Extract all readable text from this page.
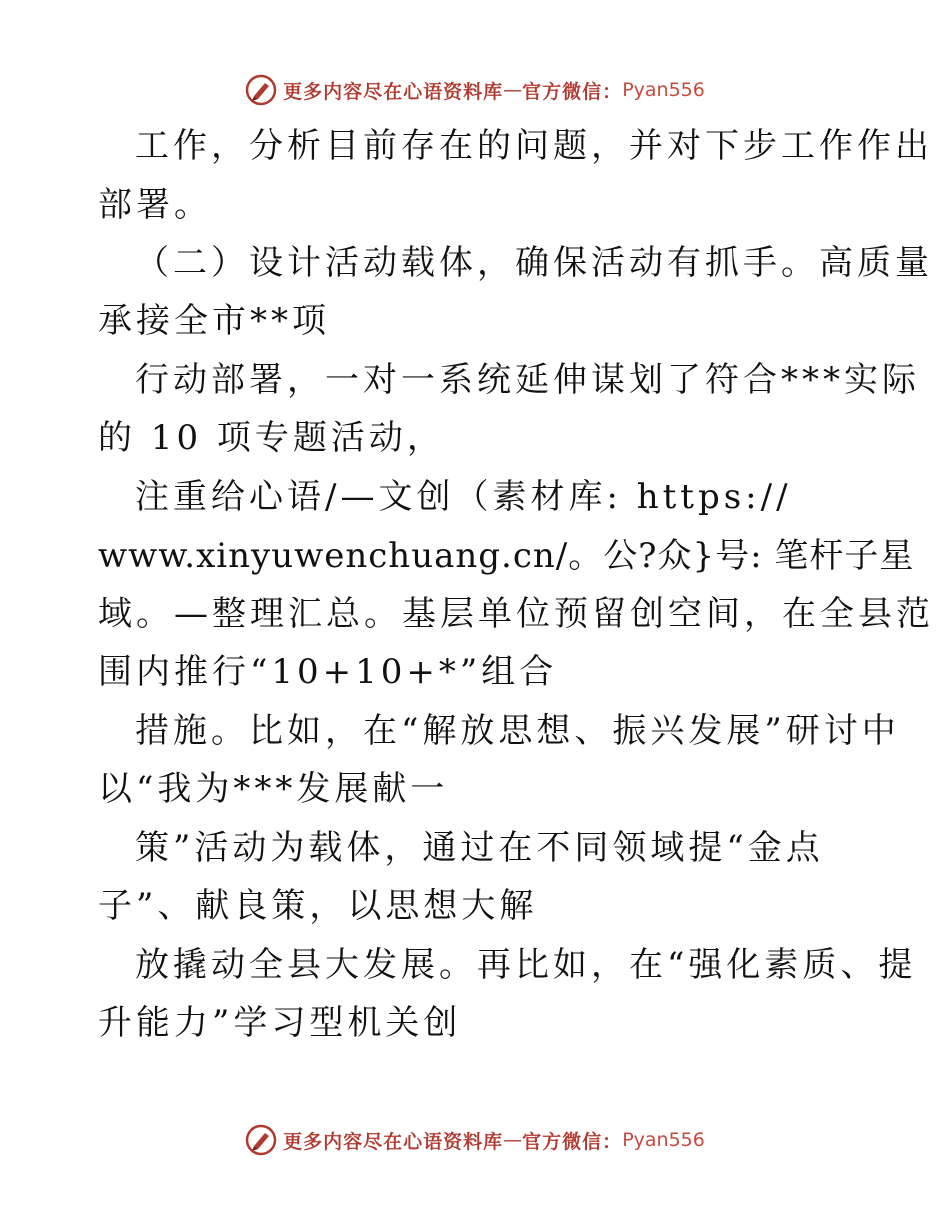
更多内容尽在心语资料库 — 官方微信： Pyan556
工作，分析目前存在的问题，并对下步工作作出
部署。
（二）设计活动载体，确保活动有抓手。高质量
承接全市**项
行动部署，一对一系统延伸谋划了符合***实际
的 10 项专题活动，
注重给心语/—文创（素材库: https://
www.xinyuwenchuang.cn/。公?众}号: 笔杆子星
域。—整理汇总。基层单位预留创空间，在全县范
围内推行“10+10+*”组合
措施。比如，在“解放思想、振兴发展”研讨中
以“我为***发展献一
策”活动为载体，通过在不同领域提“金点
子”、献良策，以思想大解
放撬动全县大发展。再比如，在“强化素质、提
升能力”学习型机关创
更多内容尽在心语资料库 — 官方微信： Pyan556
